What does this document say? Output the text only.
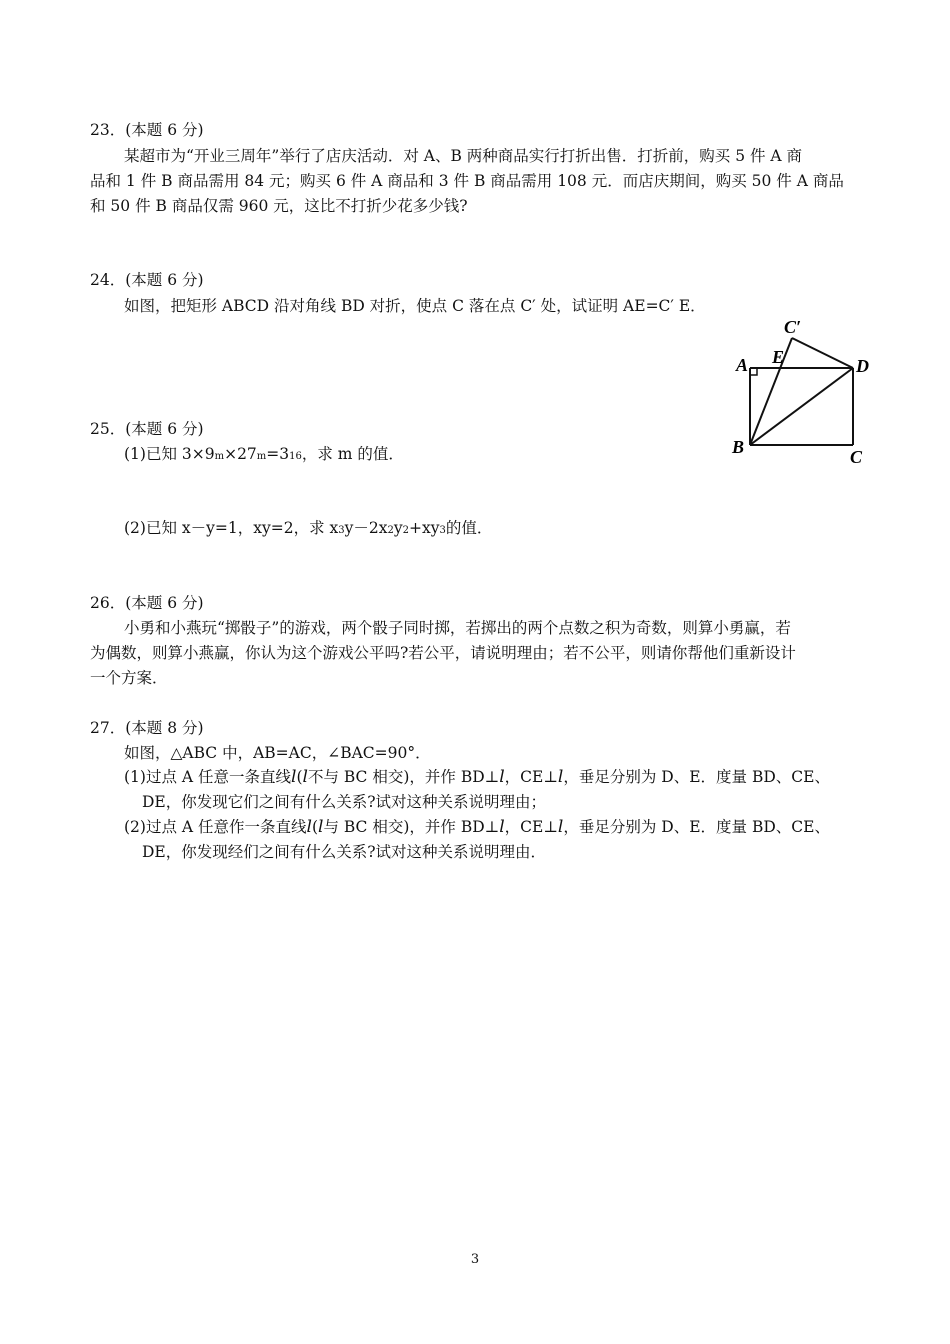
23．(本题 6 分)
某超市为“开业三周年”举行了店庆活动．对 A、B 两种商品实行打折出售．打折前，购买 5 件 A 商
品和 1 件 B 商品需用 84 元；购买 6 件 A 商品和 3 件 B 商品需用 108 元．而店庆期间，购买 50 件 A 商品
和 50 件 B 商品仅需 960 元，这比不打折少花多少钱?
24．(本题 6 分)
如图，把矩形 ABCD 沿对角线 BD 对折，使点 C 落在点 C′ 处，试证明 AE=C′ E．
A E
C′
D
B	C
25．(本题 6 分)
(1)已知 3×9m×27m=316，求 m 的值．
(2)已知 x－y=1，xy=2，求 x3y－2x2y2+xy3的值．
26．(本题 6 分)
小勇和小燕玩“掷骰子”的游戏，两个骰子同时掷，若掷出的两个点数之积为奇数，则算小勇赢，若
为偶数，则算小燕赢，你认为这个游戏公平吗?若公平，请说明理由；若不公平，则请你帮他们重新设计
一个方案．
27．(本题 8 分)
如图，△ABC 中，AB=AC，∠BAC=90°．
(1)过点 A 任意一条直线l(l不与 BC 相交)，并作 BD⊥l，CE⊥l，垂足分别为 D、E．度量 BD、CE、
DE，你发现它们之间有什么关系?试对这种关系说明理由；
(2)过点 A 任意作一条直线l(l与 BC 相交)，并作 BD⊥l，CE⊥l，垂足分别为 D、E．度量 BD、CE、
DE，你发现经们之间有什么关系?试对这种关系说明理由．
3
